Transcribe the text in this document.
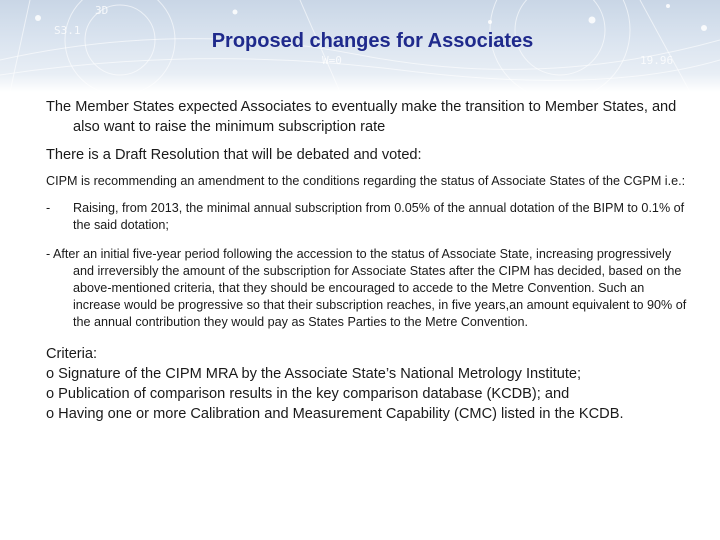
S3.1
3D
W=0	19.96
Proposed changes for Associates

The Member States expected Associates to eventually make the transition to Member States, and also want to raise the minimum subscription rate

There is a Draft Resolution that will be debated and voted:

CIPM is recommending an amendment to the conditions regarding the status of Associate States of the CGPM i.e.:

-	Raising, from 2013, the minimal annual subscription from 0.05% of the annual dotation of the BIPM to 0.1% of the said dotation;

- After an initial five-year period following the accession to the status of Associate State, increasing progressively and irreversibly the amount of the subscription for Associate States after the CIPM has decided, based on the above-mentioned criteria, that they should be encouraged to accede to the Metre Convention. Such an increase would be progressive so that their subscription reaches, in five years,an amount equivalent to 90% of the annual contribution they would pay as States Parties to the Metre Convention.

Criteria:

o Signature of the CIPM MRA by the Associate State’s National Metrology Institute;

o Publication of comparison results in the key comparison database (KCDB); and

o Having one or more Calibration and Measurement Capability (CMC) listed in the KCDB.
